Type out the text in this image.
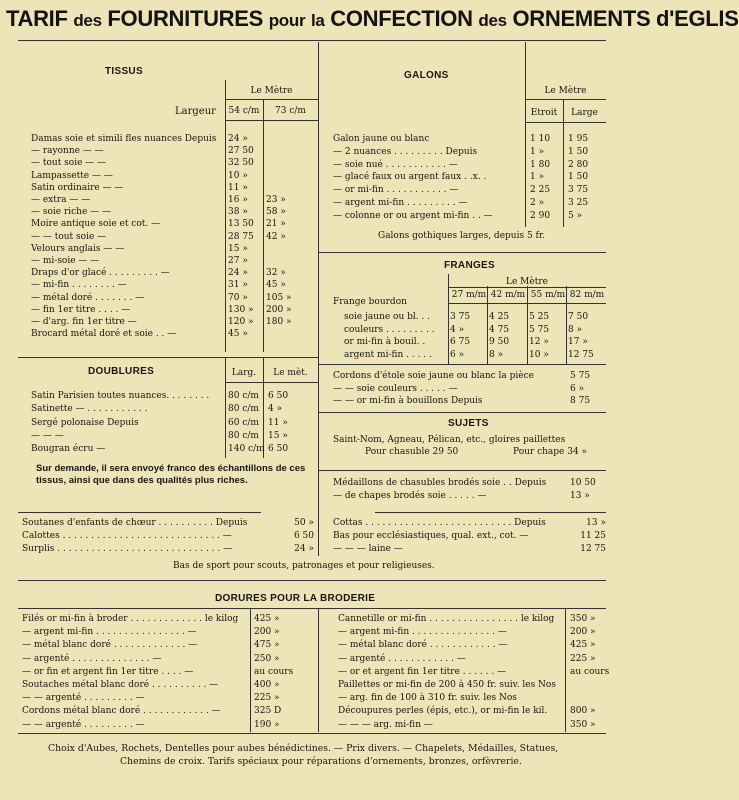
TARIF des FOURNITURES pour la CONFECTION des ORNEMENTS d'EGLIS
TISSUS
Le Mètre
Largeur	54 c/m	73 c/m
Damas soie et simili fles nuances Depuis 24 »
— rayonne — —	27 50
— tout soie — —	32 50
Lampassette — —	10 »
Satin ordinaire — —	11 »
— extra — —	16 »	23 »
— soie riche — —	38 »	58 »
Moire antique soie et cot. —	13 50	21 »
— — tout soie —	28 75	42 »
Velours anglais — —	15 »
— mi-soie — —	27 »
Draps d'or glacé . . . . . . . . . —	24 »	32 »
— mi-fin . . . . . . . . —	31 »	45 »
— métal doré . . . . . . . —	70 »	105 »
— fin 1er titre . . . . —	130 »	200 »
— d'arg. fin 1er titre —	120 »	180 »
Brocard métal doré et soie . . —	45 »
DOUBLURES	Larg.	Le mèt.
Satin Parisien toutes nuances. . . . . . . . 80 c/m	6 50
Satinette — . . . . . . . . . . .	80 c/m	4 »
Sergé polonaise Depuis	60 c/m	11 »
— — —	80 c/m	15 »
Bougran écru —	140 c/m 6 50
Sur demande, il sera envoyé franco des échantillons de ces tissus, ainsi que dans des qualités plus riches.
GALONS
Le Mètre
Etroit	Large
Galon jaune ou blanc	1 10	1 95
— 2 nuances . . . . . . . . . Depuis	1 »	1 50
— soie nué . . . . . . . . . . . —	1 80	2 80
— glacé faux ou argent faux . .x. .	1 »	1 50
— or mi-fin . . . . . . . . . . . —	2 25	3 75
— argent mi-fin . . . . . . . . . —	2 »	3 25
— colonne or ou argent mi-fin . . —	2 90	5 »
Galons gothiques larges, depuis 5 fr.
FRANGES
Le Mètre
27 m/m 42 m/m 55 m/m 82 m/m
Frange bourdon
soie jaune ou bl. . . 3 75	4 25	5 25	7 50
couleurs . . . . . . . . . 4 »	4 75	5 75	8 »
or mi-fin à bouil. .	6 75	9 50	12 »	17 »
argent mi-fin . . . . . 6 »	8 »	10 »	12 75
Cordons d'étole soie jaune ou blanc la pièce	5 75
— — soie couleurs . . . . . —	6 »
— — or mi-fin à bouillons Depuis	8 75
SUJETS
Saint-Nom, Agneau, Pélican, etc., gloires paillettes
Pour chasuble 29 50	Pour chape 34 »
Médaillons de chasubles brodés soie . . Depuis	10 50
— de chapes brodés soie . . . . . —	13 »
Soutanes d'enfants de chœur . . . . . . . . . . Depuis	50 »
Calottes . . . . . . . . . . . . . . . . . . . . . . . . . . . . —	6 50
Surplis . . . . . . . . . . . . . . . . . . . . . . . . . . . . . —	24 »
Cottas . . . . . . . . . . . . . . . . . . . . . . . . . . Depuis	13 »
Bas pour ecclésiastiques, qual. ext., cot. —	11 25
— — — laine —	12 75
Bas de sport pour scouts, patronages et pour religieuses.
DORURES POUR LA BRODERIE
Filés or mi-fin à broder . . . . . . . . . . . . . le kilog 425 »
— argent mi-fin . . . . . . . . . . . . . . . . —	200 »
— métal blanc doré . . . . . . . . . . . . . —	475 »
— argenté . . . . . . . . . . . . . . —	250 »
— or fin et argent fin 1er titre . . . . —	au cours
Soutaches métal blanc doré . . . . . . . . . . —	400 »
— — argenté . . . . . . . . . —	225 »
Cordons métal blanc doré . . . . . . . . . . . . —	325 D
— — argenté . . . . . . . . . —	190 »
Cannetille or mi-fin . . . . . . . . . . . . . . . . le kilog 350 »
— argent mi-fin . . . . . . . . . . . . . . . —	200 »
— métal blanc doré . . . . . . . . . . . . —	425 »
— argenté . . . . . . . . . . . . —	225 »
— or et argent fin 1er titre . . . . . . —	au cours
Paillettes or mi-fin de 200 à 450 fr. suiv. les Nos
— arg. fin de 100 à 310 fr. suiv. les Nos
Découpures perles (épis, etc.), or mi-fin le kil.	800 »
— — — arg. mi-fin —	350 »
Choix d'Aubes, Rochets, Dentelles pour aubes bénédictines. — Prix divers. — Chapelets, Médailles, Statues,
Chemins de croix. Tarifs spéciaux pour réparations d'ornements, bronzes, orfèvrerie.
